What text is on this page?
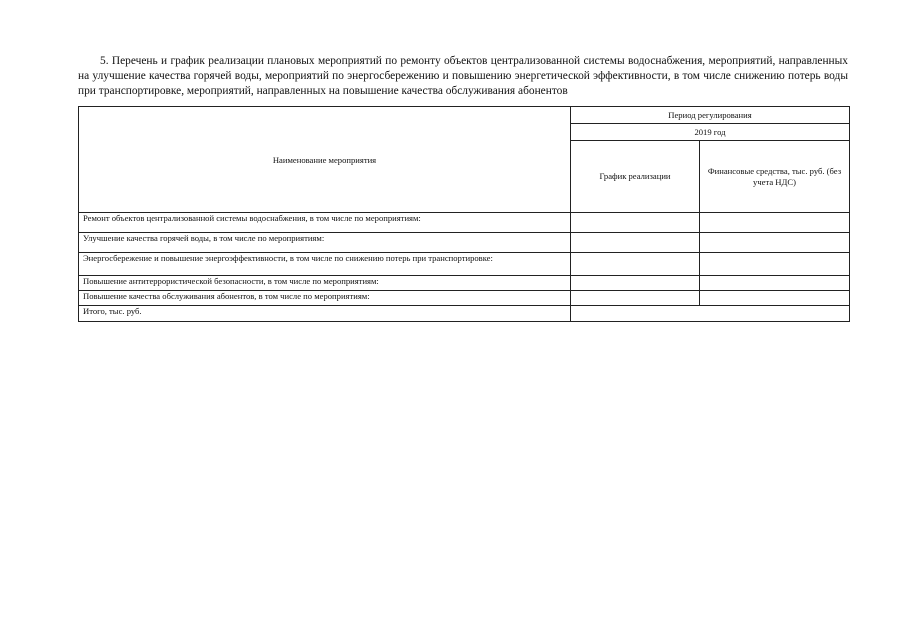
5. Перечень и график реализации плановых мероприятий по ремонту объектов централизованной системы водоснабжения, мероприятий, направленных на улучшение качества горячей воды, мероприятий по энергосбережению и повышению энергетической эффективности, в том числе снижению потерь воды при транспортировке, мероприятий, направленных на повышение качества обслуживания абонентов

Наименование мероприятия	Период регулирования	
	2019 год	
	График реализации	Финансовые средства, тыс. руб. (без учета НДС)
Ремонт объектов централизованной системы водоснабжения, в том числе по мероприятиям:		
Улучшение качества горячей воды, в том числе по мероприятиям:		
Энергосбережение и повышение энергоэффективности, в том числе по снижению потерь при транспортировке:		
Повышение антитеррористической безопасности, в том числе по мероприятиям:		
Повышение качества обслуживания абонентов, в том числе по мероприятиям:		
Итого, тыс. руб.		
